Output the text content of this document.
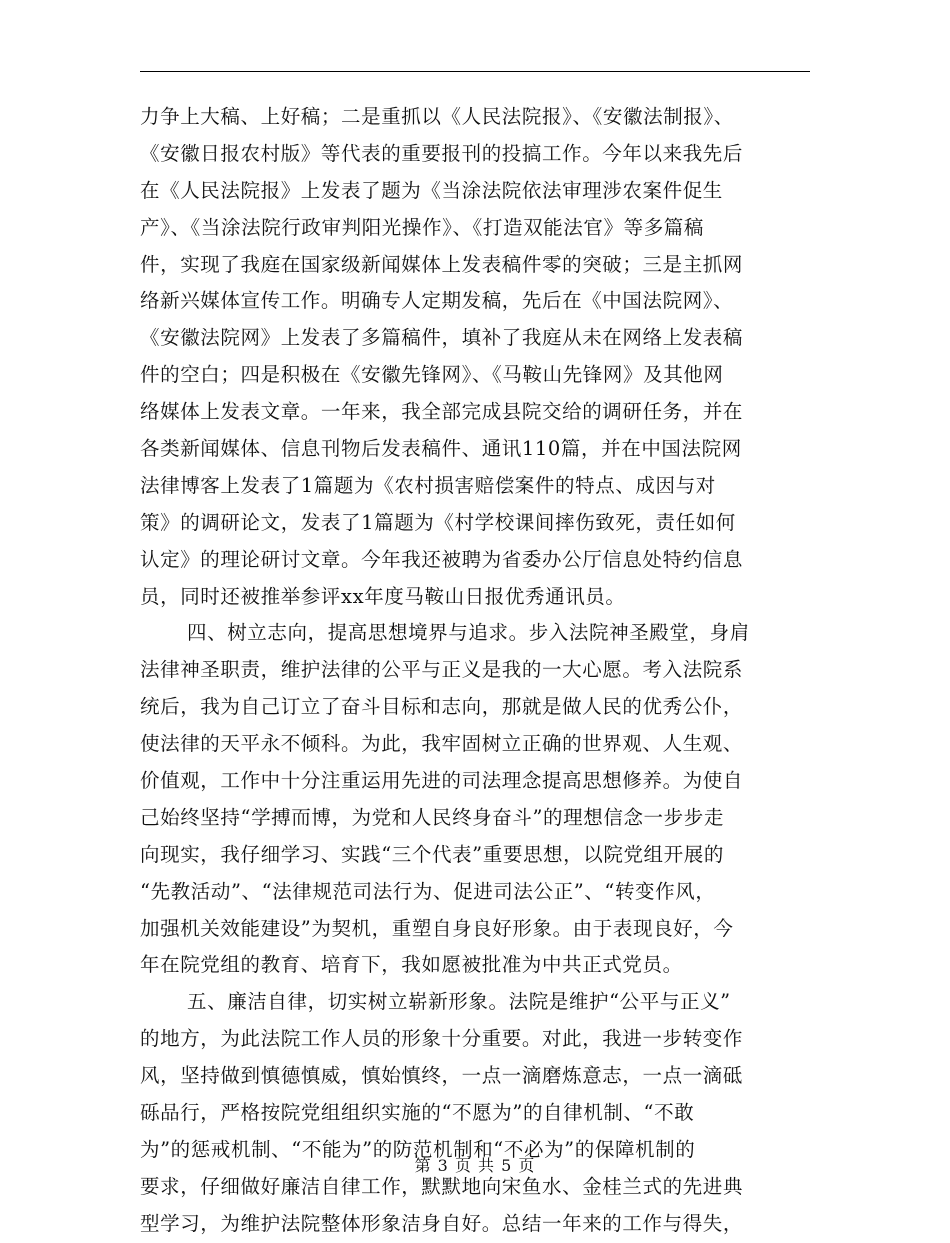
力争上大稿、上好稿；二是重抓以《人民法院报》、《安徽法制报》、
《安徽日报农村版》等代表的重要报刊的投搞工作。今年以来我先后
在《人民法院报》上发表了题为《当涂法院依法审理涉农案件促生
产》、《当涂法院行政审判阳光操作》、《打造双能法官》等多篇稿
件，实现了我庭在国家级新闻媒体上发表稿件零的突破；三是主抓网
络新兴媒体宣传工作。明确专人定期发稿，先后在《中国法院网》、
《安徽法院网》上发表了多篇稿件，填补了我庭从未在网络上发表稿
件的空白；四是积极在《安徽先锋网》、《马鞍山先锋网》及其他网
络媒体上发表文章。一年来，我全部完成县院交给的调研任务，并在
各类新闻媒体、信息刊物后发表稿件、通讯110篇，并在中国法院网
法律博客上发表了1篇题为《农村损害赔偿案件的特点、成因与对
策》的调研论文，发表了1篇题为《村学校课间摔伤致死，责任如何
认定》的理论研讨文章。今年我还被聘为省委办公厅信息处特约信息
员，同时还被推举参评xx年度马鞍山日报优秀通讯员。
四、树立志向，提高思想境界与追求。步入法院神圣殿堂，身肩
法律神圣职责，维护法律的公平与正义是我的一大心愿。考入法院系
统后，我为自己订立了奋斗目标和志向，那就是做人民的优秀公仆，
使法律的天平永不倾科。为此，我牢固树立正确的世界观、人生观、
价值观，工作中十分注重运用先进的司法理念提高思想修养。为使自
己始终坚持“学搏而博，为党和人民终身奋斗”的理想信念一步步走
向现实，我仔细学习、实践“三个代表”重要思想，以院党组开展的
“先教活动”、“法律规范司法行为、促进司法公正”、“转变作风，
加强机关效能建设”为契机，重塑自身良好形象。由于表现良好，今
年在院党组的教育、培育下，我如愿被批准为中共正式党员。
五、廉洁自律，切实树立崭新形象。法院是维护“公平与正义”
的地方，为此法院工作人员的形象十分重要。对此，我进一步转变作
风，坚持做到慎德慎威，慎始慎终，一点一滴磨炼意志，一点一滴砥
砾品行，严格按院党组组织实施的“不愿为”的自律机制、“不敢
为”的惩戒机制、“不能为”的防范机制和“不必为”的保障机制的
要求，仔细做好廉洁自律工作，默默地向宋鱼水、金桂兰式的先进典
型学习，为维护法院整体形象洁身自好。总结一年来的工作与得失，
第 3 页 共 5 页
